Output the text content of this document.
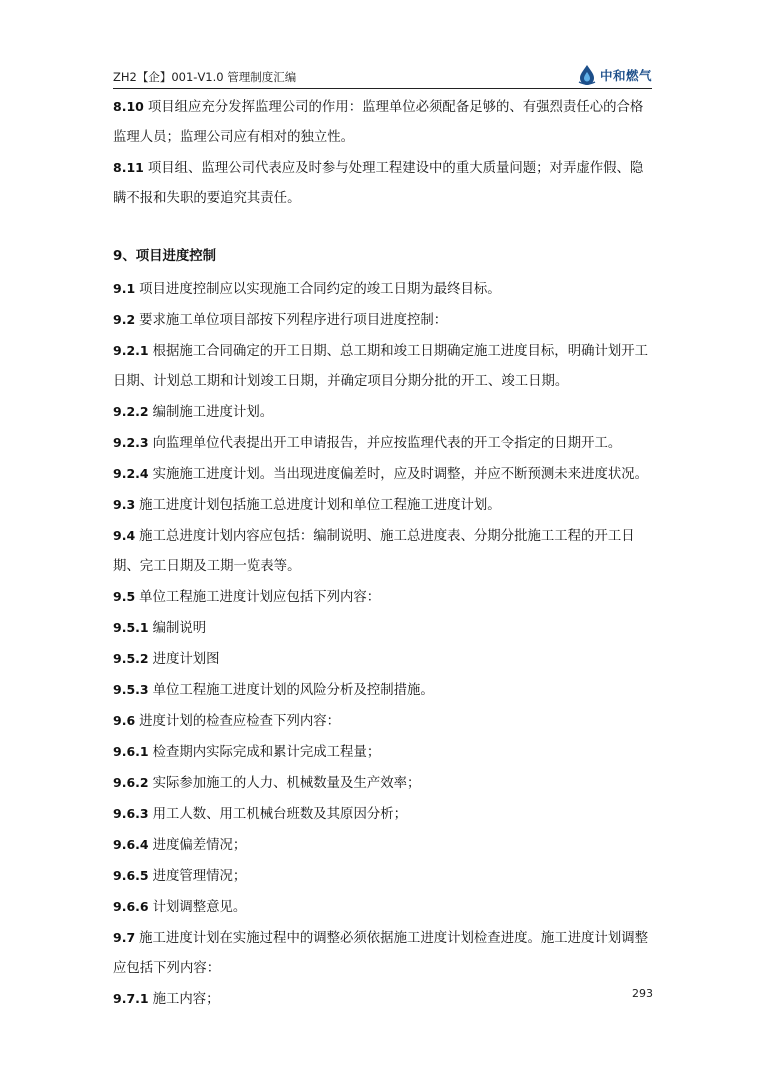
ZH2【企】001-V1.0 管理制度汇编	中和燃气

8.10 项目组应充分发挥监理公司的作用：监理单位必须配备足够的、有强烈责任心的合格监理人员；监理公司应有相对的独立性。

8.11 项目组、监理公司代表应及时参与处理工程建设中的重大质量问题；对弄虚作假、隐瞒不报和失职的要追究其责任。

9、项目进度控制

9.1 项目进度控制应以实现施工合同约定的竣工日期为最终目标。

9.2 要求施工单位项目部按下列程序进行项目进度控制：

9.2.1 根据施工合同确定的开工日期、总工期和竣工日期确定施工进度目标，明确计划开工日期、计划总工期和计划竣工日期，并确定项目分期分批的开工、竣工日期。

9.2.2 编制施工进度计划。

9.2.3 向监理单位代表提出开工申请报告，并应按监理代表的开工令指定的日期开工。

9.2.4 实施施工进度计划。当出现进度偏差时，应及时调整，并应不断预测未来进度状况。

9.3 施工进度计划包括施工总进度计划和单位工程施工进度计划。

9.4 施工总进度计划内容应包括：编制说明、施工总进度表、分期分批施工工程的开工日期、完工日期及工期一览表等。

9.5 单位工程施工进度计划应包括下列内容：

9.5.1 编制说明

9.5.2 进度计划图

9.5.3 单位工程施工进度计划的风险分析及控制措施。

9.6 进度计划的检查应检查下列内容：

9.6.1 检查期内实际完成和累计完成工程量；

9.6.2 实际参加施工的人力、机械数量及生产效率；

9.6.3 用工人数、用工机械台班数及其原因分析；

9.6.4 进度偏差情况；

9.6.5 进度管理情况；

9.6.6 计划调整意见。

9.7 施工进度计划在实施过程中的调整必须依据施工进度计划检查进度。施工进度计划调整应包括下列内容：

9.7.1 施工内容；	293
